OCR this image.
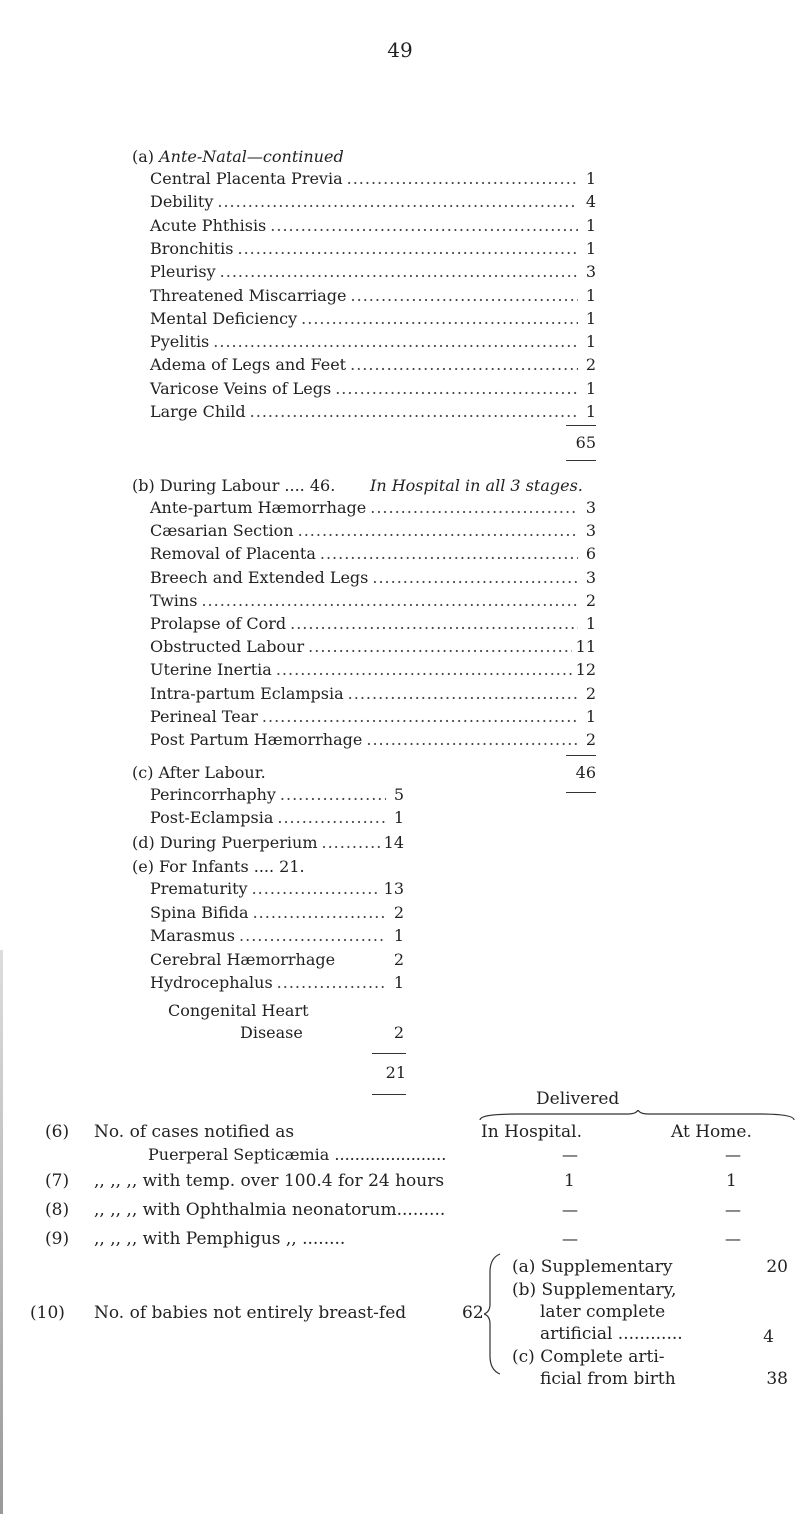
49
(a) Ante-Natal—continued
Central Placenta Previa .....	1
Debility .....	4
Acute Phthisis .....	1
Bronchitis .....	1
Pleurisy .....	3
Threatened Miscarriage .....	1
Mental Deficiency .....	1
Pyelitis .....	1
Adema of Legs and Feet .....	2
Varicose Veins of Legs .....	1
Large Child .....	1
65
(b) During Labour .... 46. In Hospital in all 3 stages.
Ante-partum Hæmorrhage .....	3
Cæsarian Section .....	3
Removal of Placenta .....	6
Breech and Extended Legs .....	3
Twins .....	2
Prolapse of Cord .....	1
Obstructed Labour .....	11
Uterine Inertia .....	12
Intra-partum Eclampsia .....	2
Perineal Tear .....	1
Post Partum Hæmorrhage .....	2
(c) After Labour.	46
Perincorrhaphy .....	5
Post-Eclampsia .....	1
(d) During Puerperium .....	14
(e) For Infants .... 21.
Prematurity .....	13
Spina Bifida .....	2
Marasmus .....	1
Cerebral Hæmorrhage	2
Hydrocephalus .....	1
Congenital Heart
Disease	2
21
Delivered
In Hospital.	At Home.
(6) No. of cases notified as
Puerperal Septicæmia ......................	—	—
(7) ,, ,, ,, with temp. over 100.4 for 24 hours	1	1
(8) ,, ,, ,, with Ophthalmia neonatorum.........	—	—
(9) ,, ,, ,, with Pemphigus ,, ........	—	—
(10) No. of babies not entirely breast-fed	62
(a) Supplementary	20
(b) Supplementary,
later complete
artificial ............	4
(c) Complete arti-
ficial from birth	38
